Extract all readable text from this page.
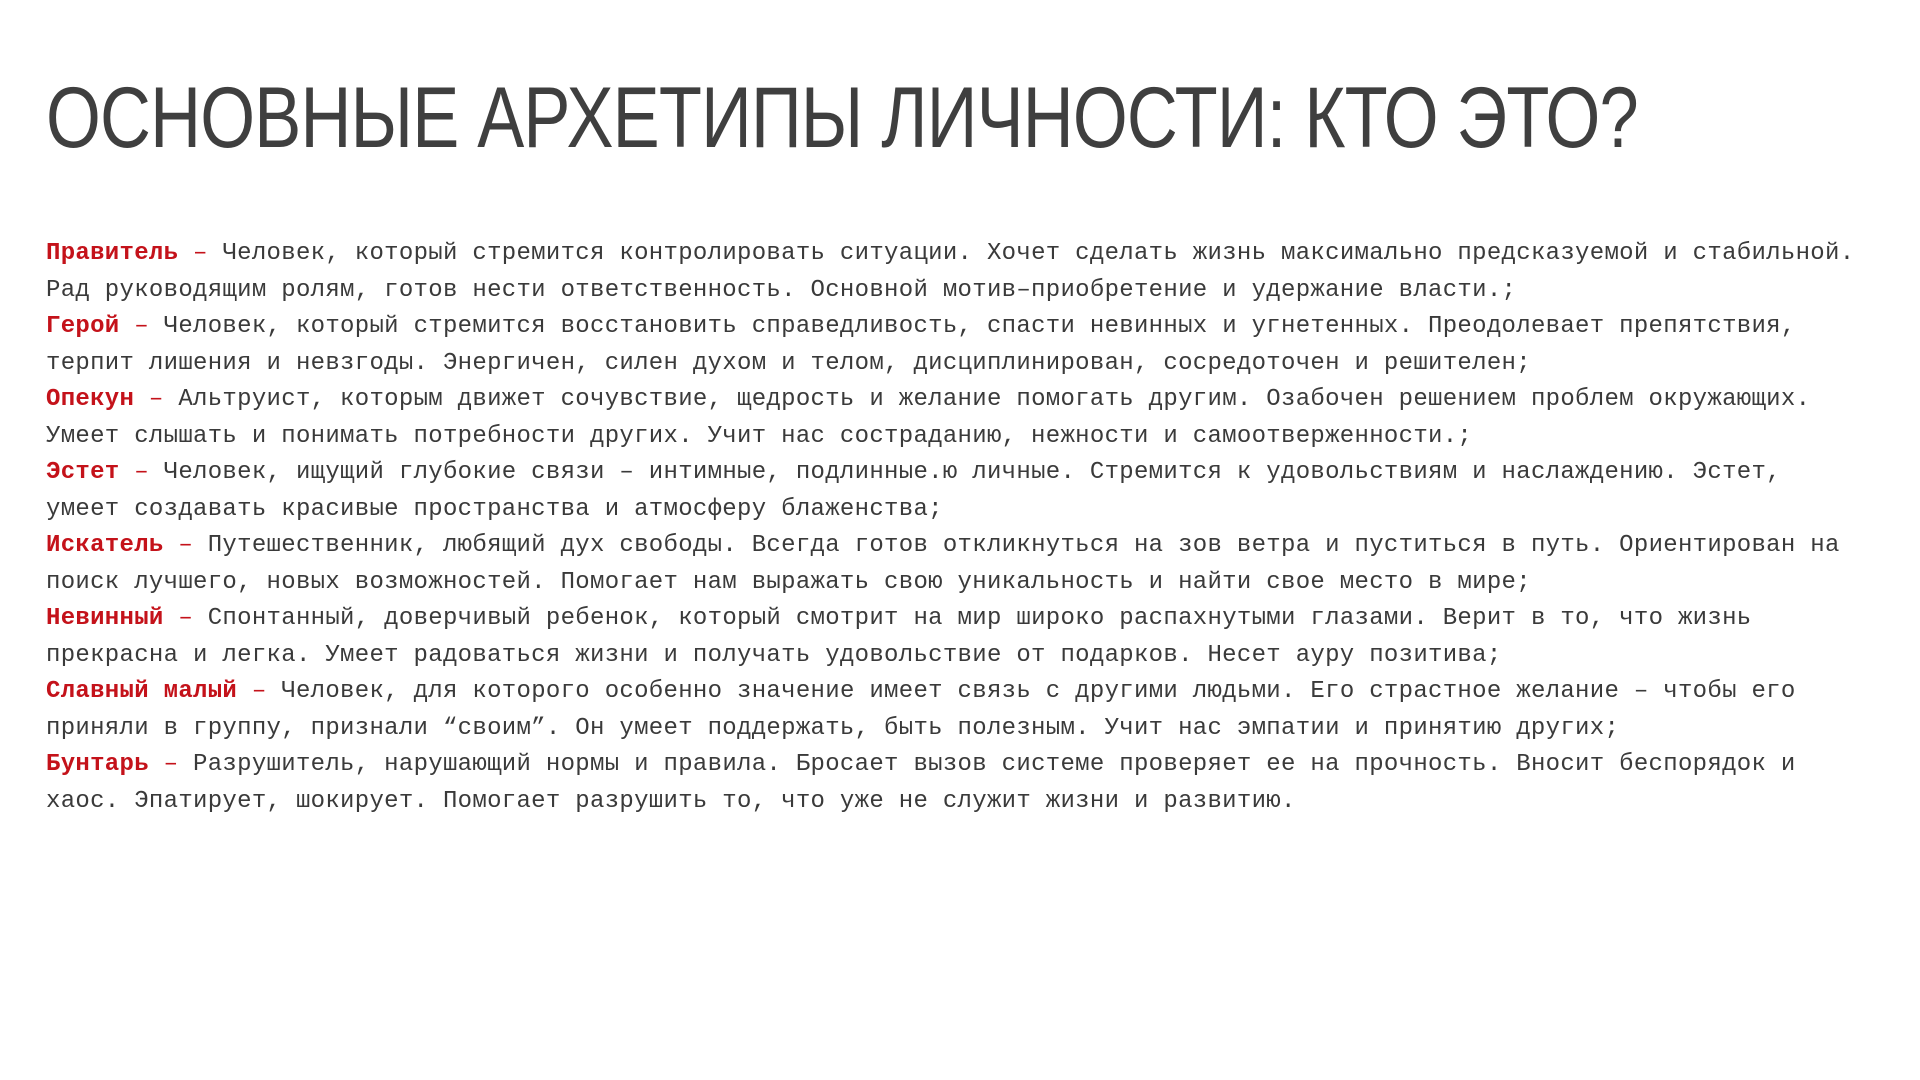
ОСНОВНЫЕ АРХЕТИПЫ ЛИЧНОСТИ: КТО ЭТО?

Правитель – Человек, который стремится контролировать ситуации. Хочет сделать жизнь максимально предсказуемой и стабильной. Рад руководящим ролям, готов нести ответственность. Основной мотив–приобретение и удержание власти.;

Герой – Человек, который стремится восстановить справедливость, спасти невинных и угнетенных. Преодолевает препятствия, терпит лишения и невзгоды. Энергичен, силен духом и телом, дисциплинирован, сосредоточен и решителен;

Опекун – Альтруист, которым движет сочувствие, щедрость и желание помогать другим. Озабочен решением проблем окружающих. Умеет слышать и понимать потребности других. Учит нас состраданию, нежности и самоотверженности.;

Эстет – Человек, ищущий глубокие связи – интимные, подлинные.ю личные. Стремится к удовольствиям и наслаждению. Эстет, умеет создавать красивые пространства и атмосферу блаженства;

Искатель – Путешественник, любящий дух свободы. Всегда готов откликнуться на зов ветра и пуститься в путь. Ориентирован на поиск лучшего, новых возможностей. Помогает нам выражать свою уникальность и найти свое место в мире;

Невинный – Спонтанный, доверчивый ребенок, который смотрит на мир широко распахнутыми глазами. Верит в то, что жизнь прекрасна и легка. Умеет радоваться жизни и получать удовольствие от подарков. Несет ауру позитива;

Славный малый – Человек, для которого особенно значение имеет связь с другими людьми. Его страстное желание – чтобы его приняли в группу, признали “своим”. Он умеет поддержать, быть полезным. Учит нас эмпатии и принятию других;

Бунтарь – Разрушитель, нарушающий нормы и правила. Бросает вызов системе проверяет ее на прочность. Вносит беспорядок и хаос. Эпатирует, шокирует. Помогает разрушить то, что уже не служит жизни и развитию.
